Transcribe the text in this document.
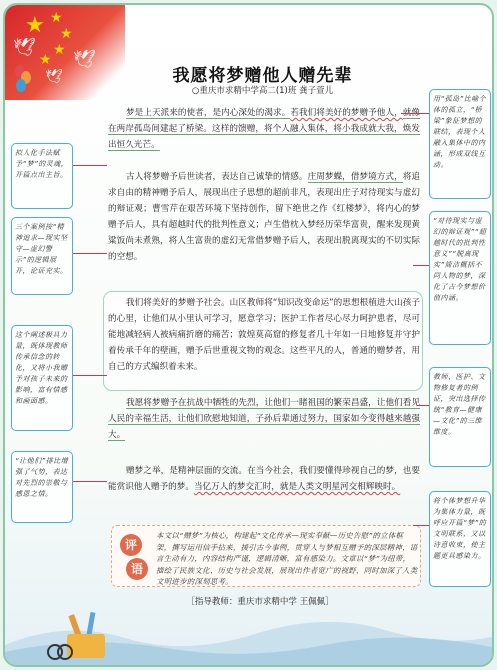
★ ★
★
★
★
🕊
🕊
🕊	我愿将梦赠他人赠先辈
○重庆市求精中学高二(1)班 龚子萱儿
评
语
本文以“赠梦”为核心，构建起“文化传承—现实奉献—历史告慰”的立体框架，撰写运用信手拈来，援引古今事例，贯穿人与梦相互赠予的深层精神，语言生动有力，内容结构严谨，逻辑清晰，富有感染力。文章以“梦”为纽带，描绘了民族文化、历史与社会发展，展现出作者宽广的视野，同时加深了人类文明进步的深刻思考。
［指导教师：重庆市求精中学 王佩佩］
梦是上天派来的使者，是内心深处的渴求。若我们将美好的梦赠予他人，就像在两岸孤岛间建起了桥梁。这样的馈赠，将个人融入集体，将小我成就大我，焕发出恒久光芒。
古人将梦赠予后世读者，表达自己诚挚的情感。庄周梦蝶，借梦境方式，将追求自由的精神赠予后人，展现出庄子思想的超前非凡，表现出庄子对待现实与虚幻的辩证观；曹雪芹在艰苦环境下坚持创作，留下绝世之作《红楼梦》，将内心的梦赠予后人，具有超越时代的批判性意义；卢生借枕入梦经历荣华富贵，醒来发现黄粱饭尚未煮熟，将人生富贵的虚幻无常借梦赠予后人，表现出脱离现实的不切实际的空想。
我们将美好的梦赠予社会。山区教师将“知识改变命运”的思想根植进大山孩子的心里，让他们从小里认可学习，愿意学习；医护工作者尽心尽力呵护患者，尽可能地减轻病人被病痛折磨的痛苦；敦煌莫高窟的修复者几十年如一日地修复并守护着传承千年的壁画，赠予后世重视文物的观念。这些平凡的人，普通的赠梦者，用自己的方式编织着未来。
我愿将梦赠予在抗战中牺牲的先烈，让他们一睹祖国的繁荣昌盛，让他们看见人民的幸福生活，让他们欣慰地知道，子孙后辈通过努力，国家如今变得越来越强大。
赠梦之举，是精神层面的交流。在当今社会，我们要懂得珍视自己的梦，也要能赏识他人赠予的梦。当亿万人的梦交汇时，就是人类文明星河交相辉映时。
拟人化手法赋予“梦”的灵魂，开篇点出主旨。
三个案例按“精神追求—现实坚守—虚幻警示”的逻辑展开，论证充实。
这个阐述极具力量，既体现教师传承信念的转化，又将小我赠予对孩子未来的影响，富有情感和画面感。
“让他们”排比增强了气势，表达对先烈的崇敬与感恩之情。
用“孤岛”比喻个体的孤立，“桥梁”象征梦想的联结，表现个人融入集体中的内涵，形成双线互动。
“对待现实与虚幻的辩证观”“超越时代的批判性意义”“脱离现实”简洁概括不同人物的梦，深化了古今梦想价值内涵。
教师、医护、文物修复者的例证，突出选择传统“教育—健康—文化”的三维维度。
将个体梦想升华为集体力量，既呼应开篇“梦”的文明联系，又以诗意收束，使主题更具感染力。
